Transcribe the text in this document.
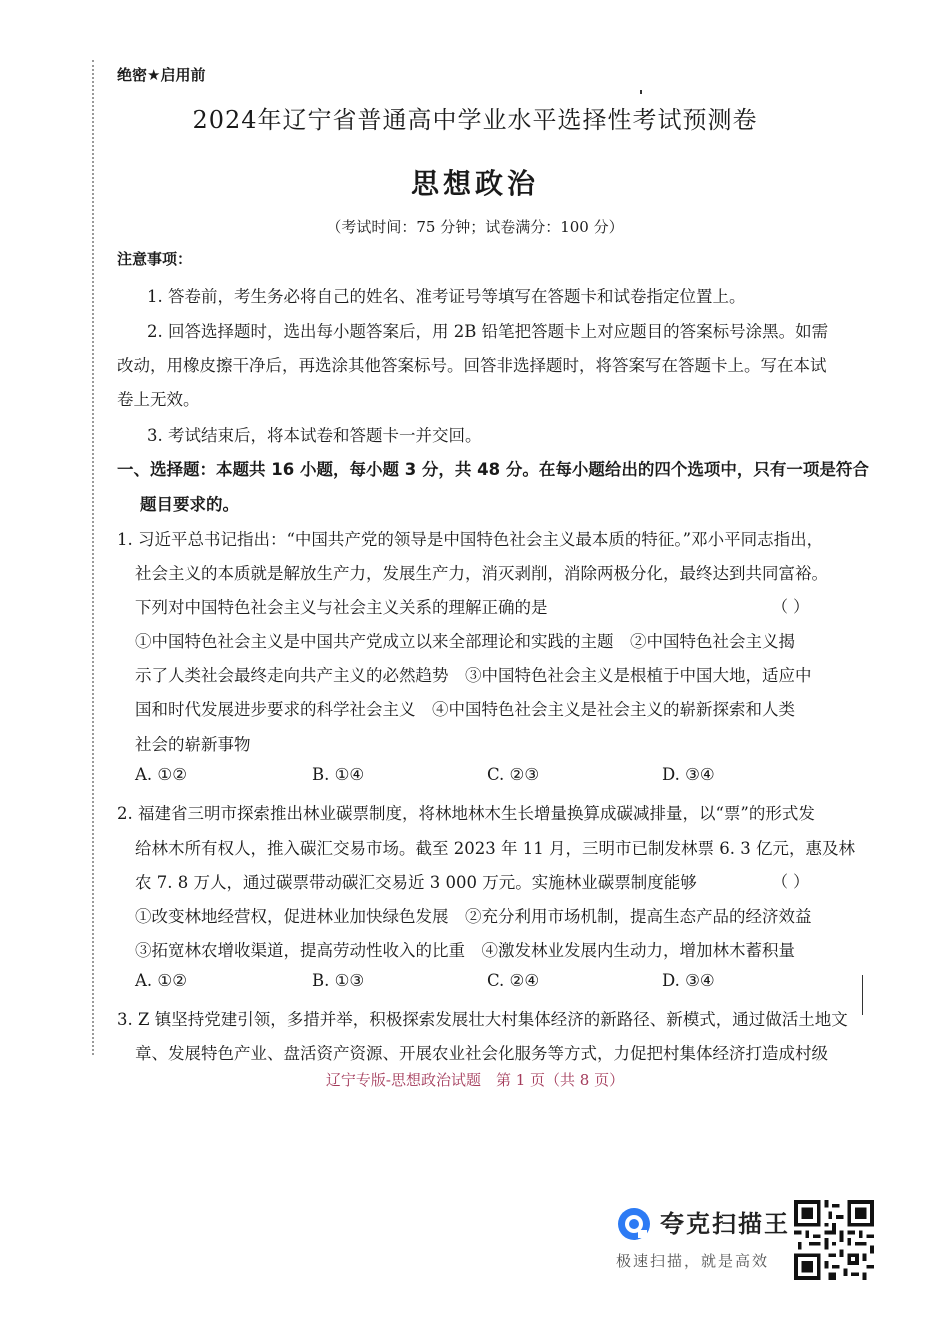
绝密★启用前
2024年辽宁省普通高中学业水平选择性考试预测卷
思想政治
（考试时间：75 分钟；试卷满分：100 分）
注意事项：
1. 答卷前，考生务必将自己的姓名、准考证号等填写在答题卡和试卷指定位置上。
2. 回答选择题时，选出每小题答案后，用 2B 铅笔把答题卡上对应题目的答案标号涂黑。如需
改动，用橡皮擦干净后，再选涂其他答案标号。回答非选择题时，将答案写在答题卡上。写在本试
卷上无效。
3. 考试结束后，将本试卷和答题卡一并交回。
一、选择题：本题共 16 小题，每小题 3 分，共 48 分。在每小题给出的四个选项中，只有一项是符合
题目要求的。
1. 习近平总书记指出：“中国共产党的领导是中国特色社会主义最本质的特征。”邓小平同志指出，
社会主义的本质就是解放生产力，发展生产力，消灭剥削，消除两极分化，最终达到共同富裕。
下列对中国特色社会主义与社会主义关系的理解正确的是	（ ）
①中国特色社会主义是中国共产党成立以来全部理论和实践的主题　②中国特色社会主义揭
示了人类社会最终走向共产主义的必然趋势　③中国特色社会主义是根植于中国大地，适应中
国和时代发展进步要求的科学社会主义　④中国特色社会主义是社会主义的崭新探索和人类
社会的崭新事物
A. ①②	B. ①④	C. ②③	D. ③④
2. 福建省三明市探索推出林业碳票制度，将林地林木生长增量换算成碳减排量，以“票”的形式发
给林木所有权人，推入碳汇交易市场。截至 2023 年 11 月，三明市已制发林票 6. 3 亿元，惠及林
农 7. 8 万人，通过碳票带动碳汇交易近 3 000 万元。实施林业碳票制度能够	（ ）
①改变林地经营权，促进林业加快绿色发展　②充分利用市场机制，提高生态产品的经济效益
③拓宽林农增收渠道，提高劳动性收入的比重　④激发林业发展内生动力，增加林木蓄积量
A. ①②	B. ①③	C. ②④	D. ③④
3. Z 镇坚持党建引领，多措并举，积极探索发展壮大村集体经济的新路径、新模式，通过做活土地文
章、发展特色产业、盘活资产资源、开展农业社会化服务等方式，力促把村集体经济打造成村级
辽宁专版-思想政治试题　第 1 页（共 8 页）
夸克扫描王
极速扫描，就是高效
